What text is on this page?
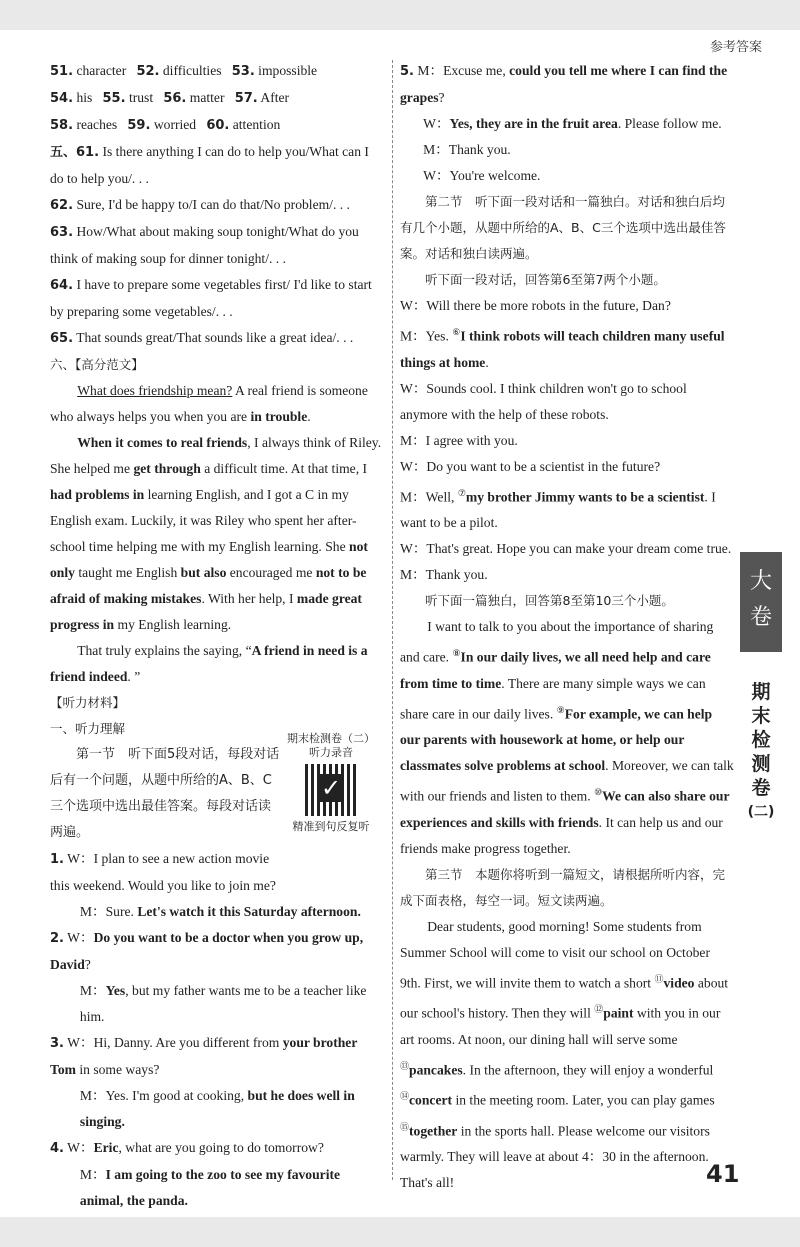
参考答案
51. character 52. difficulties 53. impossible
54. his 55. trust 56. matter 57. After
58. reaches 59. worried 60. attention
五、61. Is there anything I can do to help you/What can I do to help you/. . .
62. Sure, I'd be happy to/I can do that/No problem/. . .
63. How/What about making soup tonight/What do you think of making soup for dinner tonight/. . .
64. I have to prepare some vegetables first/ I'd like to start by preparing some vegetables/. . .
65. That sounds great/That sounds like a great idea/. . .
六、【高分范文】
What does friendship mean? A real friend is someone who always helps you when you are in trouble.
When it comes to real friends, I always think of Riley. She helped me get through a difficult time. At that time, I had problems in learning English, and I got a C in my English exam. Luckily, it was Riley who spent her after-school time helping me with my English learning. She not only taught me English but also encouraged me not to be afraid of making mistakes. With her help, I made great progress in my English learning.
That truly explains the saying, “A friend in need is a friend indeed. ”
【听力材料】
一、听力理解
第一节　听下面5段对话，每段对话后有一个问题，从题中所给的A、B、C三个选项中选出最佳答案。每段对话读两遍。
1. W：I plan to see a new action movie this weekend. Would you like to join me?
M：Sure. Let's watch it this Saturday afternoon.
2. W：Do you want to be a doctor when you grow up, David?
M：Yes, but my father wants me to be a teacher like him.
3. W：Hi, Danny. Are you different from your brother Tom in some ways?
M：Yes. I'm good at cooking, but he does well in singing.
4. W：Eric, what are you going to do tomorrow?
M：I am going to the zoo to see my favourite animal, the panda.
期末检测卷（二）
听力录音
✓
精准到句反复听
5. M：Excuse me, could you tell me where I can find the grapes?
W：Yes, they are in the fruit area. Please follow me.
M：Thank you.
W：You're welcome.
第二节　听下面一段对话和一篇独白。对话和独白后均有几个小题，从题中所给的A、B、C三个选项中选出最佳答案。对话和独白读两遍。
听下面一段对话，回答第6至第7两个小题。
W：Will there be more robots in the future, Dan?
M：Yes. ⑥I think robots will teach children many useful things at home.
W：Sounds cool. I think children won't go to school anymore with the help of these robots.
M：I agree with you.
W：Do you want to be a scientist in the future?
M：Well, ⑦my brother Jimmy wants to be a scientist. I want to be a pilot.
W：That's great. Hope you can make your dream come true.
M：Thank you.
听下面一篇独白，回答第8至第10三个小题。
I want to talk to you about the importance of sharing and care. ⑧In our daily lives, we all need help and care from time to time. There are many simple ways we can share care in our daily lives. ⑨For example, we can help our parents with housework at home, or help our classmates solve problems at school. Moreover, we can talk with our friends and listen to them. ⑩We can also share our experiences and skills with friends. It can help us and our friends make progress together.
第三节　本题你将听到一篇短文，请根据所听内容，完成下面表格，每空一词。短文读两遍。
Dear students, good morning! Some students from Summer School will come to visit our school on October 9th. First, we will invite them to watch a short ⑪video about our school's history. Then they will ⑫paint with you in our art rooms. At noon, our dining hall will serve some ⑬pancakes. In the afternoon, they will enjoy a wonderful ⑭concert in the meeting room. Later, you can play games ⑮together in the sports hall. Please welcome our visitors warmly. They will leave at about 4：30 in the afternoon. That's all!
大
卷
期
末
检
测
卷
(二)
41
